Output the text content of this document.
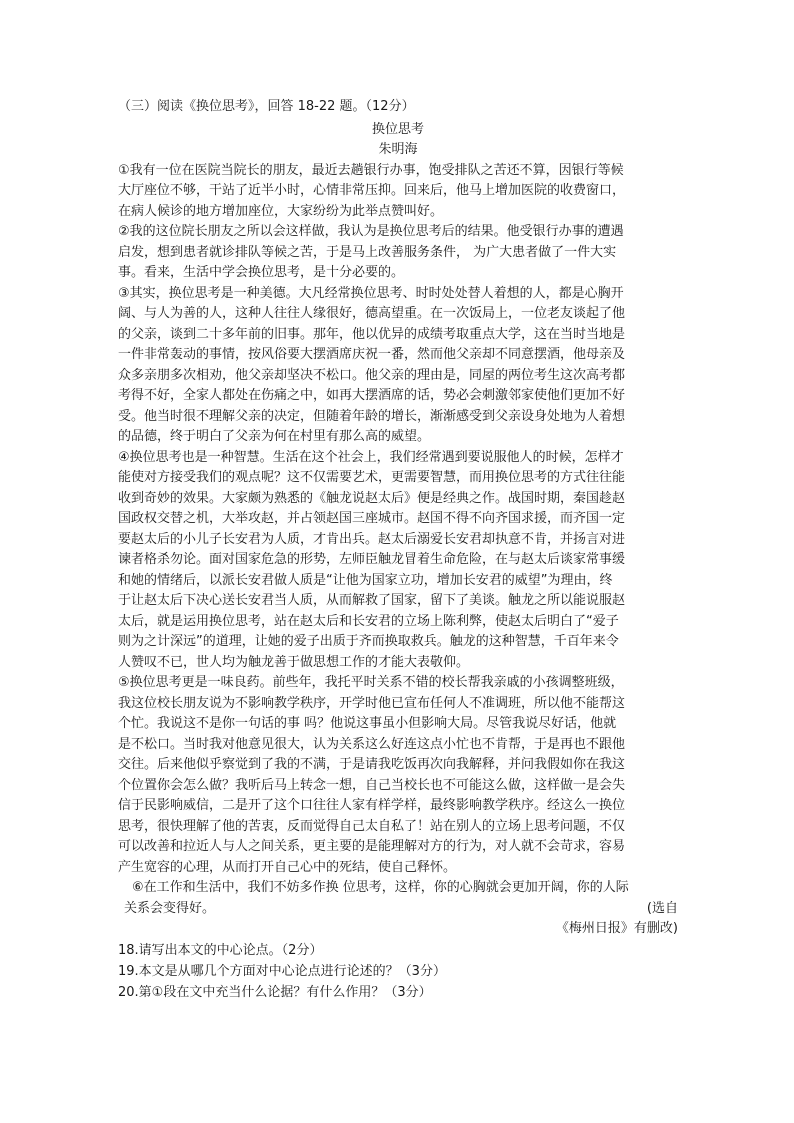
（三）阅读《换位思考》，回答 18-22 题。（12分）
换位思考
朱明海
①我有一位在医院当院长的朋友，最近去趟银行办事，饱受排队之苦还不算，因银行等候
大厅座位不够，干站了近半小时，心情非常压抑。回来后，他马上增加医院的收费窗口，
在病人候诊的地方增加座位，大家纷纷为此举点赞叫好。
②我的这位院长朋友之所以会这样做，我认为是换位思考后的结果。他受银行办事的遭遇
启发，想到患者就诊排队等候之苦，于是马上改善服务条件， 为广大患者做了一件大实
事。看来，生活中学会换位思考，是十分必要的。
③其实，换位思考是一种美德。大凡经常换位思考、时时处处替人着想的人，都是心胸开
阔、与人为善的人，这种人往往人缘很好，德高望重。在一次饭局上，一位老友谈起了他
的父亲，谈到二十多年前的旧事。那年，他以优异的成绩考取重点大学，这在当时当地是
一件非常轰动的事情，按风俗要大摆酒席庆祝一番，然而他父亲却不同意摆酒，他母亲及
众多亲朋多次相劝，他父亲却坚决不松口。他父亲的理由是，同屋的两位考生这次高考都
考得不好，全家人都处在伤痛之中，如再大摆酒席的话，势必会刺激邻家使他们更加不好
受。他当时很不理解父亲的决定，但随着年龄的增长，渐渐感受到父亲设身处地为人着想
的品德，终于明白了父亲为何在村里有那么高的威望。
④换位思考也是一种智慧。生活在这个社会上，我们经常遇到要说服他人的时候，怎样才
能使对方接受我们的观点呢？这不仅需要艺术，更需要智慧，而用换位思考的方式往往能
收到奇妙的效果。大家颇为熟悉的《触龙说赵太后》便是经典之作。战国时期，秦国趁赵
国政权交替之机，大举攻赵，并占领赵国三座城市。赵国不得不向齐国求援，而齐国一定
要赵太后的小儿子长安君为人质，才肯出兵。赵太后溺爱长安君却执意不肯，并扬言对进
谏者格杀勿论。面对国家危急的形势，左师臣触龙冒着生命危险，在与赵太后谈家常事缓
和她的情绪后，以派长安君做人质是“让他为国家立功，增加长安君的威望”为理由，终
于让赵太后下决心送长安君当人质，从而解救了国家，留下了美谈。触龙之所以能说服赵
太后，就是运用换位思考，站在赵太后和长安君的立场上陈利弊，使赵太后明白了“爱子
则为之计深远”的道理，让她的爱子出质于齐而换取救兵。触龙的这种智慧，千百年来令
人赞叹不已，世人均为触龙善于做思想工作的才能大表敬仰。
⑤换位思考更是一味良药。前些年，我托平时关系不错的校长帮我亲戚的小孩调整班级，
我这位校长朋友说为不影响教学秩序，开学时他已宣布任何人不准调班，所以他不能帮这
个忙。我说这不是你一句话的事 吗？他说这事虽小但影响大局。尽管我说尽好话，他就
是不松口。当时我对他意见很大，认为关系这么好连这点小忙也不肯帮，于是再也不跟他
交往。后来他似乎察觉到了我的不满，于是请我吃饭再次向我解释，并问我假如你在我这
个位置你会怎么做？我听后马上转念一想，自己当校长也不可能这么做，这样做一是会失
信于民影响威信，二是开了这个口往往人家有样学样，最终影响教学秩序。经这么一换位
思考，很快理解了他的苦衷，反而觉得自己太自私了！站在别人的立场上思考问题，不仅
可以改善和拉近人与人之间关系，更主要的是能理解对方的行为，对人就不会苛求，容易
产生宽容的心理，从而打开自己心中的死结，使自己释怀。
⑥在工作和生活中，我们不妨多作换 位思考，这样，你的心胸就会更加开阔，你的人际
关系会变得好。	(选自
《梅州日报》有删改)
18.请写出本文的中心论点。（2分）
19.本文是从哪几个方面对中心论点进行论述的？（3分）
20.第①段在文中充当什么论据？有什么作用？（3分）
